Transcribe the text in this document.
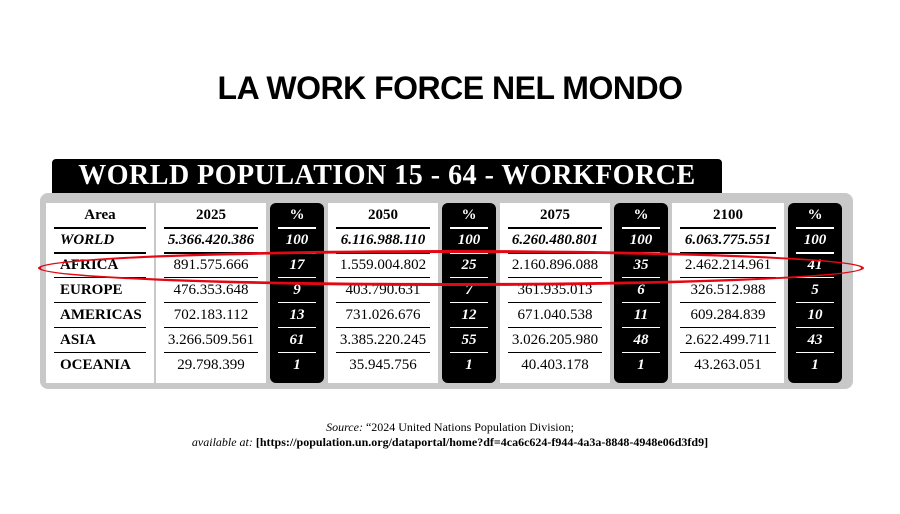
LA WORK FORCE NEL MONDO
WORLD POPULATION 15 - 64 - WORKFORCE
Area
WORLD
AFRICA
EUROPE
AMERICAS
ASIA
OCEANIA
2025
5.366.420.386
891.575.666
476.353.648
702.183.112
3.266.509.561
29.798.399
%
100
17
9
13
61
1
2050
6.116.988.110
1.559.004.802
403.790.631
731.026.676
3.385.220.245
35.945.756
%
100
25
7
12
55
1
2075
6.260.480.801
2.160.896.088
361.935.013
671.040.538
3.026.205.980
40.403.178
%
100
35
6
11
48
1
2100
6.063.775.551
2.462.214.961
326.512.988
609.284.839
2.622.499.711
43.263.051
%
100
41
5
10
43
1
Source: “2024 United Nations Population Division;
available at: [https://population.un.org/dataportal/home?df=4ca6c624-f944-4a3a-8848-4948e06d3fd9]
